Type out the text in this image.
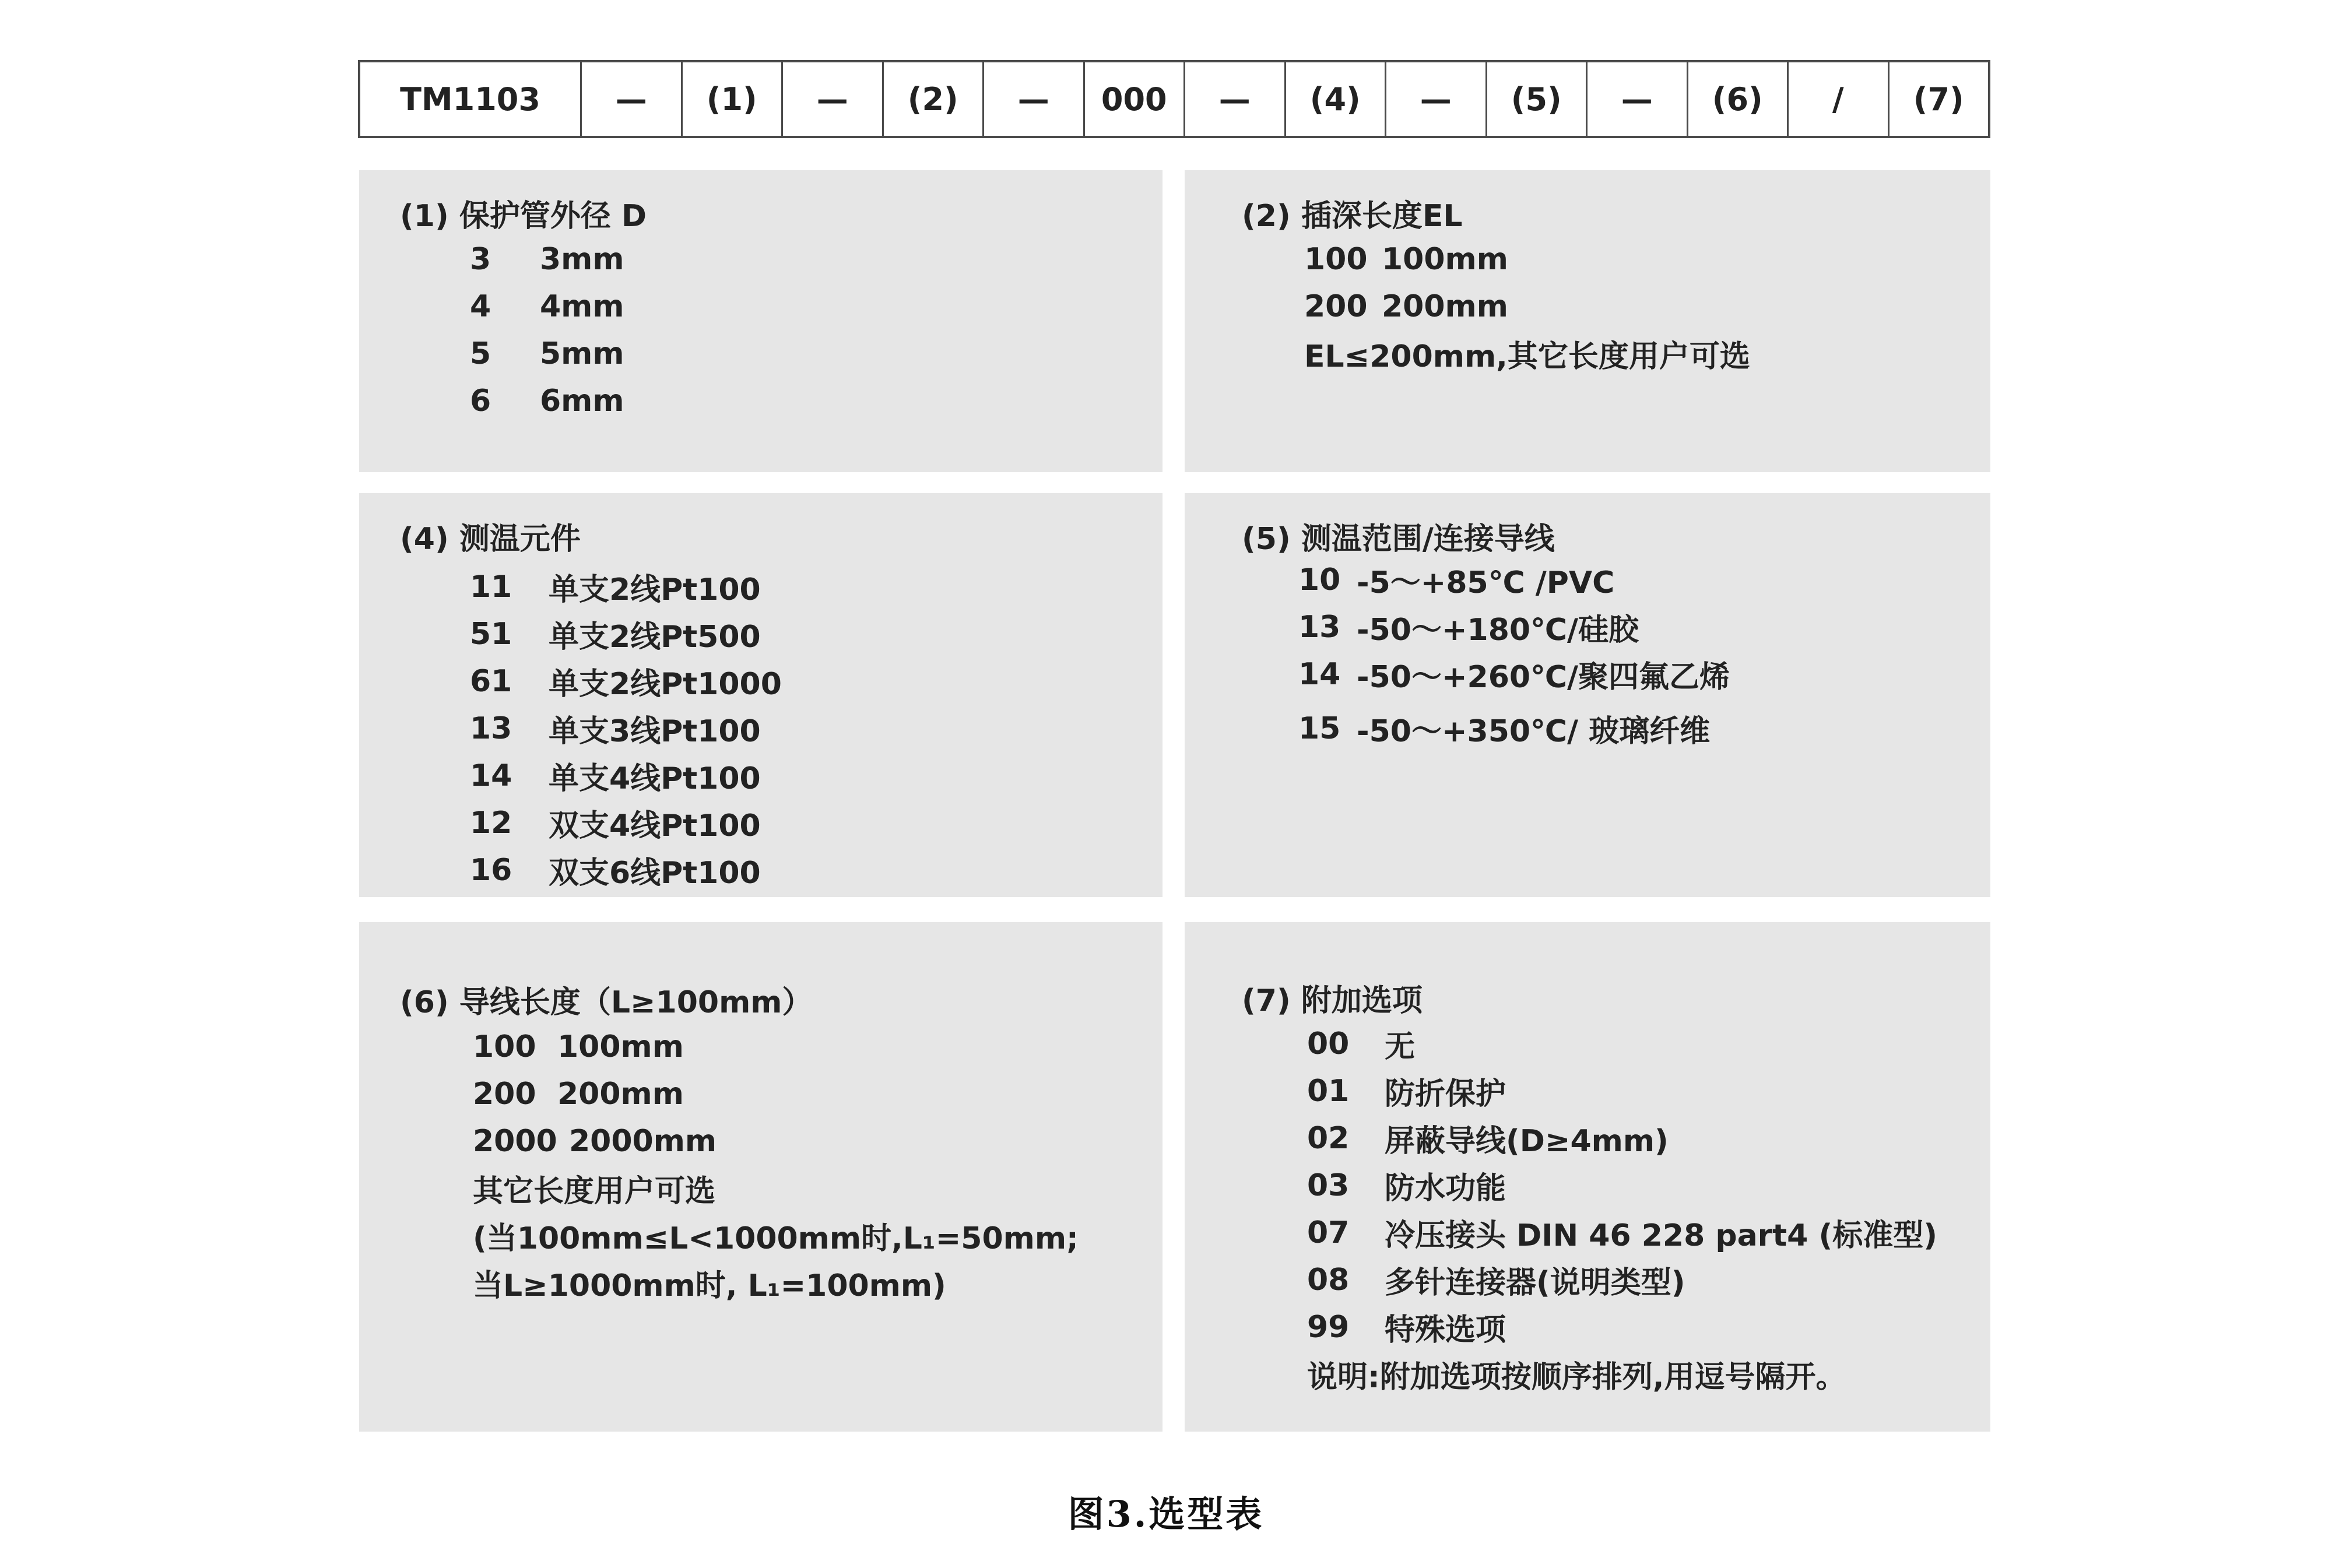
TM1103	—	(1)	—	(2)	—	000	—	(4)	—	(5)	—	(6)	/	(7)
(1) 保护管外径 D
3	3mm
4	4mm
5	5mm
6	6mm
(2) 插深长度EL
100 100mm
200 200mm
EL≤200mm,其它长度用户可选
(4) 测温元件
11	单支2线Pt100
51	单支2线Pt500
61	单支2线Pt1000
13	单支3线Pt100
14	单支4线Pt100
12	双支4线Pt100
16	双支6线Pt100
(5) 测温范围/连接导线
10 -5～+85℃ /PVC
13 -50～+180℃/硅胶
14 -50～+260℃/聚四氟乙烯
15 -50～+350℃/ 玻璃纤维
(6) 导线长度（L≥100mm）
100 100mm
200 200mm
2000 2000mm
其它长度用户可选
(当100mm≤L<1000mm时,L₁=50mm;
当L≥1000mm时, L₁=100mm)
(7) 附加选项
00	无
01	防折保护
02	屏蔽导线(D≥4mm)
03	防水功能
07	冷压接头 DIN 46 228 part4 (标准型)
08	多针连接器(说明类型)
99	特殊选项
说明:附加选项按顺序排列,用逗号隔开。
图3.选型表
